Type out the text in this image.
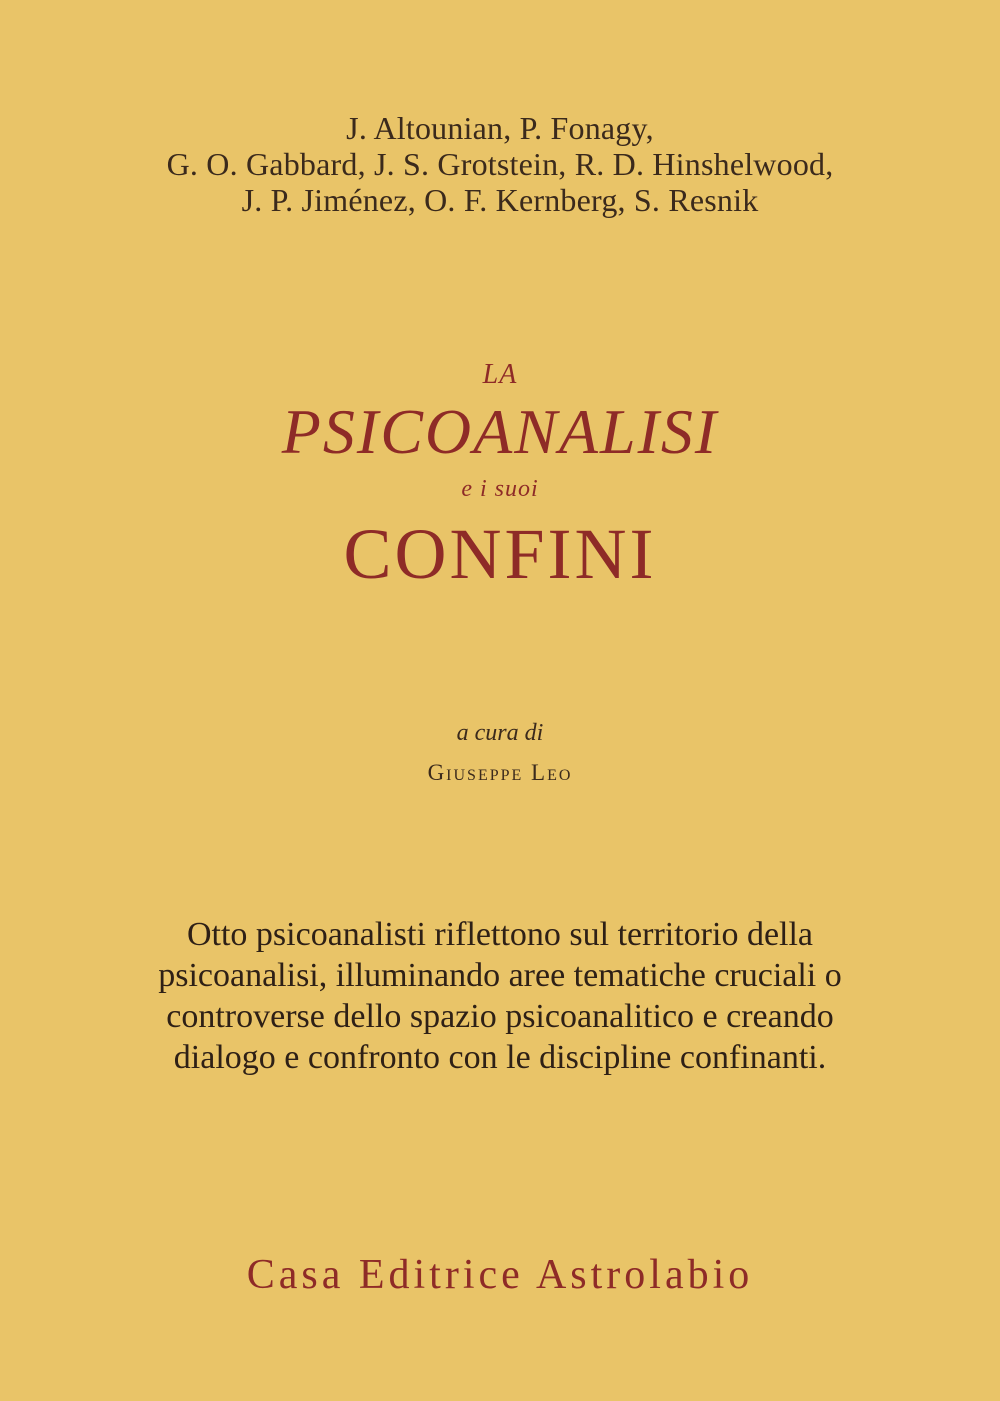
J. Altounian, P. Fonagy,
G. O. Gabbard, J. S. Grotstein, R. D. Hinshelwood,
J. P. Jiménez, O. F. Kernberg, S. Resnik
LA
PSICOANALISI
e i suoi
CONFINI
a cura di
Giuseppe Leo
Otto psicoanalisti riflettono sul territorio della
psicoanalisi, illuminando aree tematiche cruciali o
controverse dello spazio psicoanalitico e creando
dialogo e confronto con le discipline confinanti.
Casa Editrice Astrolabio
